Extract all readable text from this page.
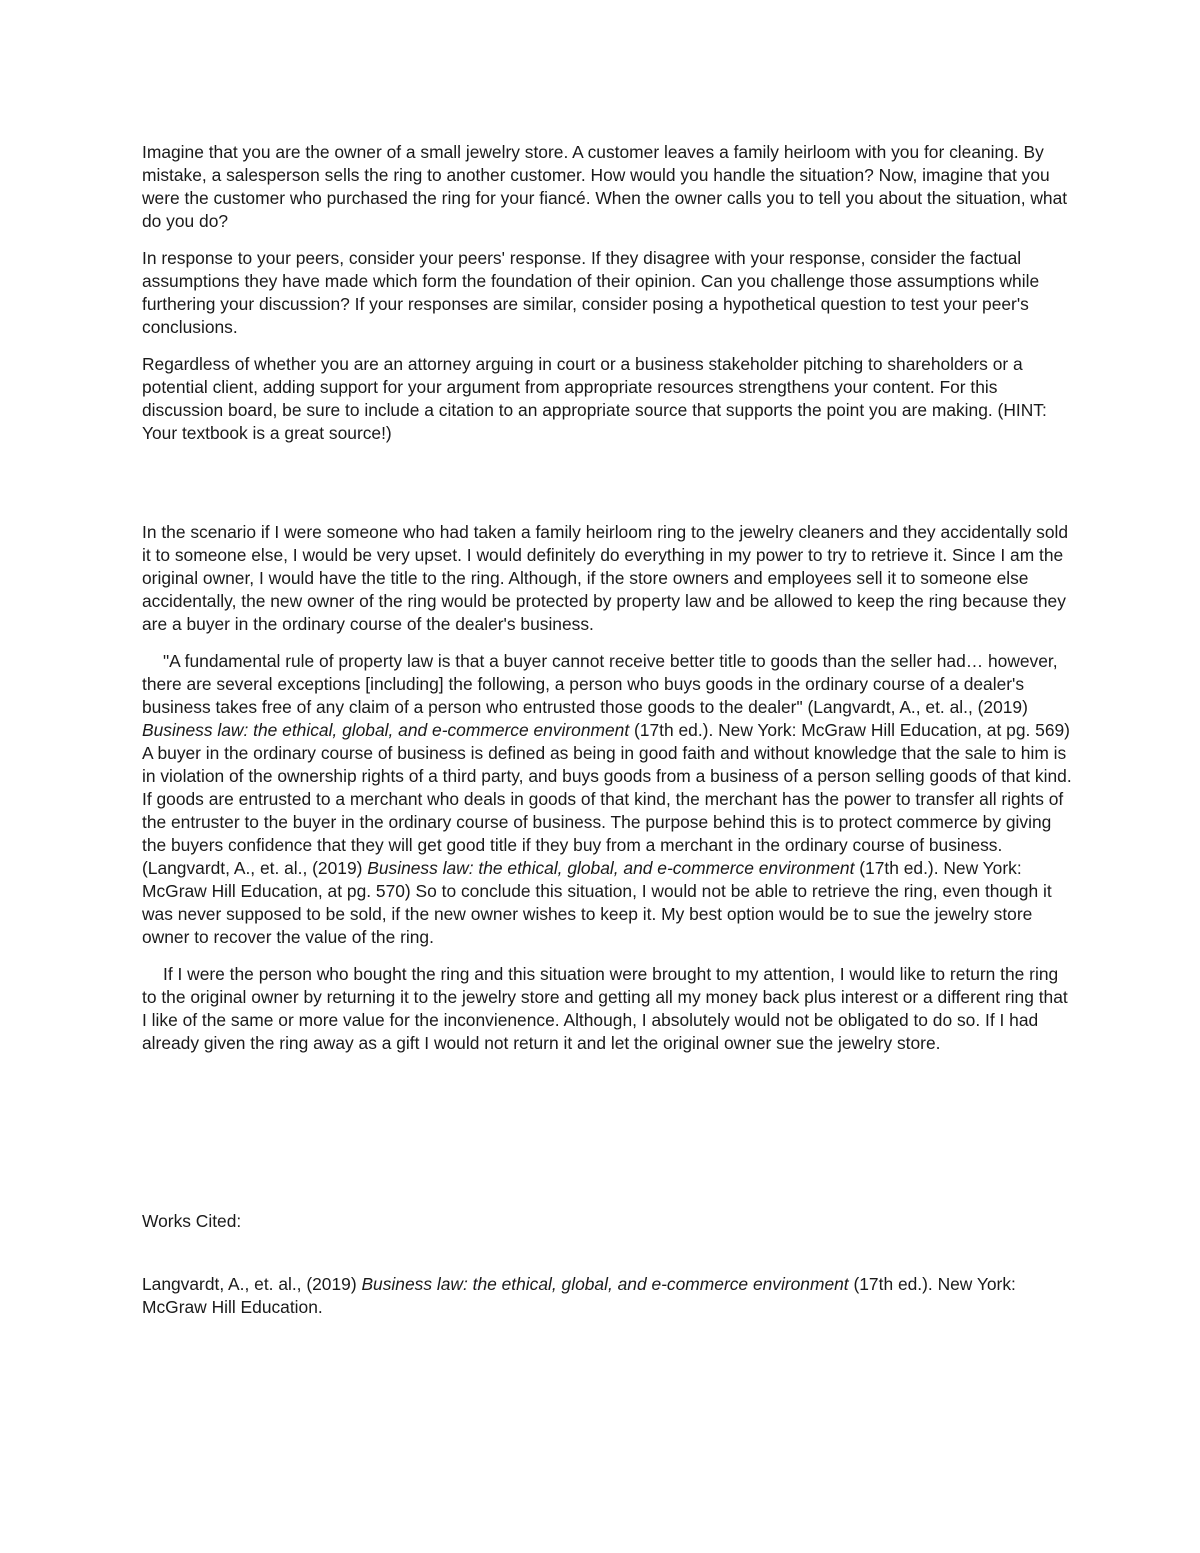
Imagine that you are the owner of a small jewelry store. A customer leaves a family heirloom with you for cleaning. By mistake, a salesperson sells the ring to another customer. How would you handle the situation? Now, imagine that you were the customer who purchased the ring for your fiancé. When the owner calls you to tell you about the situation, what do you do?

In response to your peers, consider your peers' response. If they disagree with your response, consider the factual assumptions they have made which form the foundation of their opinion. Can you challenge those assumptions while furthering your discussion? If your responses are similar, consider posing a hypothetical question to test your peer's conclusions.

Regardless of whether you are an attorney arguing in court or a business stakeholder pitching to shareholders or a potential client, adding support for your argument from appropriate resources strengthens your content. For this discussion board, be sure to include a citation to an appropriate source that supports the point you are making. (HINT: Your textbook is a great source!)

In the scenario if I were someone who had taken a family heirloom ring to the jewelry cleaners and they accidentally sold it to someone else, I would be very upset. I would definitely do everything in my power to try to retrieve it. Since I am the original owner, I would have the title to the ring. Although, if the store owners and employees sell it to someone else accidentally, the new owner of the ring would be protected by property law and be allowed to keep the ring because they are a buyer in the ordinary course of the dealer's business.

"A fundamental rule of property law is that a buyer cannot receive better title to goods than the seller had… however, there are several exceptions [including] the following, a person who buys goods in the ordinary course of a dealer's business takes free of any claim of a person who entrusted those goods to the dealer" (Langvardt, A., et. al., (2019) Business law: the ethical, global, and e-commerce environment (17th ed.). New York: McGraw Hill Education, at pg. 569) A buyer in the ordinary course of business is defined as being in good faith and without knowledge that the sale to him is in violation of the ownership rights of a third party, and buys goods from a business of a person selling goods of that kind. If goods are entrusted to a merchant who deals in goods of that kind, the merchant has the power to transfer all rights of the entruster to the buyer in the ordinary course of business. The purpose behind this is to protect commerce by giving the buyers confidence that they will get good title if they buy from a merchant in the ordinary course of business. (Langvardt, A., et. al., (2019) Business law: the ethical, global, and e-commerce environment (17th ed.). New York: McGraw Hill Education, at pg. 570) So to conclude this situation, I would not be able to retrieve the ring, even though it was never supposed to be sold, if the new owner wishes to keep it. My best option would be to sue the jewelry store owner to recover the value of the ring.

If I were the person who bought the ring and this situation were brought to my attention, I would like to return the ring to the original owner by returning it to the jewelry store and getting all my money back plus interest or a different ring that I like of the same or more value for the inconvienence. Although, I absolutely would not be obligated to do so. If I had already given the ring away as a gift I would not return it and let the original owner sue the jewelry store.

Works Cited:

Langvardt, A., et. al., (2019) Business law: the ethical, global, and e-commerce environment (17th ed.). New York: McGraw Hill Education.
